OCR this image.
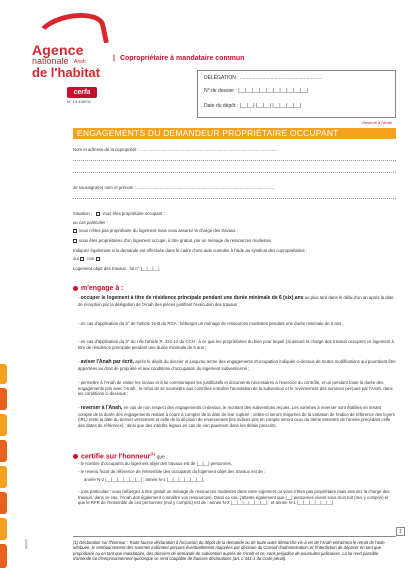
Agence
nationale Anah
de l'habitat
cerfa
N° 13 438*02
| Copropriétaire à mandataire commun
DÉLÉGATION : ...........................................................
N° de dossier : |__|__|__|__|__|__|__|__|__|__|
Date du dépôt : |__|__| |__|__| |__|__|__|__|
Réservé à l'Anah
ENGAGEMENTS DU DEMANDEUR PROPRIÉTAIRE OCCUPANT
Nom et adresse de la copropriété : ...................................................................................................................
Je soussigné(e) nom et prénom : ...................................................................................................................
Situation : vous êtes propriétaire occupant ;
ou cas particulier :
vous n'êtes pas propriétaire du logement mais vous assurez la charge des travaux ;
vous êtes propriétaires d'un logement occupé, à titre gratuit, par un ménage de ressources modestes.
Indiquez également si la demande est effectuée dans le cadre d'une aide cumulée à l'aide au syndicat des copropriétaires :
oui non
Logement objet des travaux : lot n° |__|__|__|
m'engage à :
- occuper le logement à titre de résidence principale pendant une durée minimale de 6 (six) ans au plus tard dans le délai d'un an après la date de réception par la délégation de l'Anah des pièces justifiant l'exécution des travaux ;
- en cas d'application du 3° de l'article 15-B du RGA : héberger un ménage de ressources modestes pendant une durée minimale de 6 ans ;
- en cas d'application du 3° du I de l'article R. 321-12 du CCH : à ce que les propriétaires du bien pour lequel j'ai assuré la charge des travaux occupent ce logement à titre de résidence principale pendant une durée minimale de 6 ans ;
- aviser l'Anah par écrit, après le dépôt du dossier et jusqu'au terme des engagements d'occupation indiqués ci-dessus de toutes modifications qui pourraient être apportées au droit de propriété et aux conditions d'occupation du logement subventionné ;
- permettre à l'Anah de visiter les locaux et à lui communiquer les justificatifs et documents nécessaires à l'exercice du contrôle, et un pendant toute la durée des engagements pris avec l'Anah ; le refus de se soumettre aux contrôles entraîne l'annulation de la subvention et le reversement des sommes perçues par l'Anah, dans les conditions ci-dessous ;
- reverser à l'Anah, en cas de non respect des engagements ci-dessus, le montant des subventions reçues. Les sommes à reverser sont établies en tenant compte de la durée des engagements restant à courir à compter de la date de leur rupture ; celles-ci seront majorées de la variation de l'indice de référence des loyers (IRL) entre la date du dernier versement et celle de la décision de reversement (les indices pris en compte seront ceux du 3ème trimestre de l'année précédant celle des dates de référence) ; ainsi que des intérêts légaux en cas de non paiement dans les délais prescrits.
certifie sur l'honneur$^{(1)}$ que :
- le nombre d'occupants du logement objet des travaux est de |__|__| personnes,
- le revenu fiscal de référence de l'ensemble des occupants du logement objet des travaux est de :
année N-2 |__|__|__|__|__|__| ; année N-1 |__|__|__|__|__|__|,
- (cas particulier : vous hébergez à titre gratuit un ménage de ressources modestes dans votre logement ou vous n'êtes pas propriétaire mais assurez la charge des travaux, dans ce cas, l'Anah doit également connaître vos ressources). Dans ce cas, j'atteste également que |__| personnes vivent sous mon toit (moi y compris) et que le RFR de l'ensemble de ces personnes (moi y compris) est de : année N-2 |__|__|__|__|__|__| ; et année N-1 |__|__|__|__|__|__|
(1) Déclaration sur l'honneur : Toute fausse déclaration à l'occasion du dépôt de la demande ou de toute autre démarche vis-à-vis de l'Anah entraînera le retrait de l'aide attribuée, le remboursement des sommes indûment perçues éventuellement majorées par décision du Conseil d'administration, et l'interdiction de déposer en tant que propriétaire ou en tant que mandataire, des dossiers de demande de subvention auprès de l'Anah et ce, sans préjudice de poursuites judiciaires. La loi rend passible d'amende ou d'emprisonnement quiconque se rend coupable de fausses déclarations (art. L 441-1 du Code pénal).
1
13438
